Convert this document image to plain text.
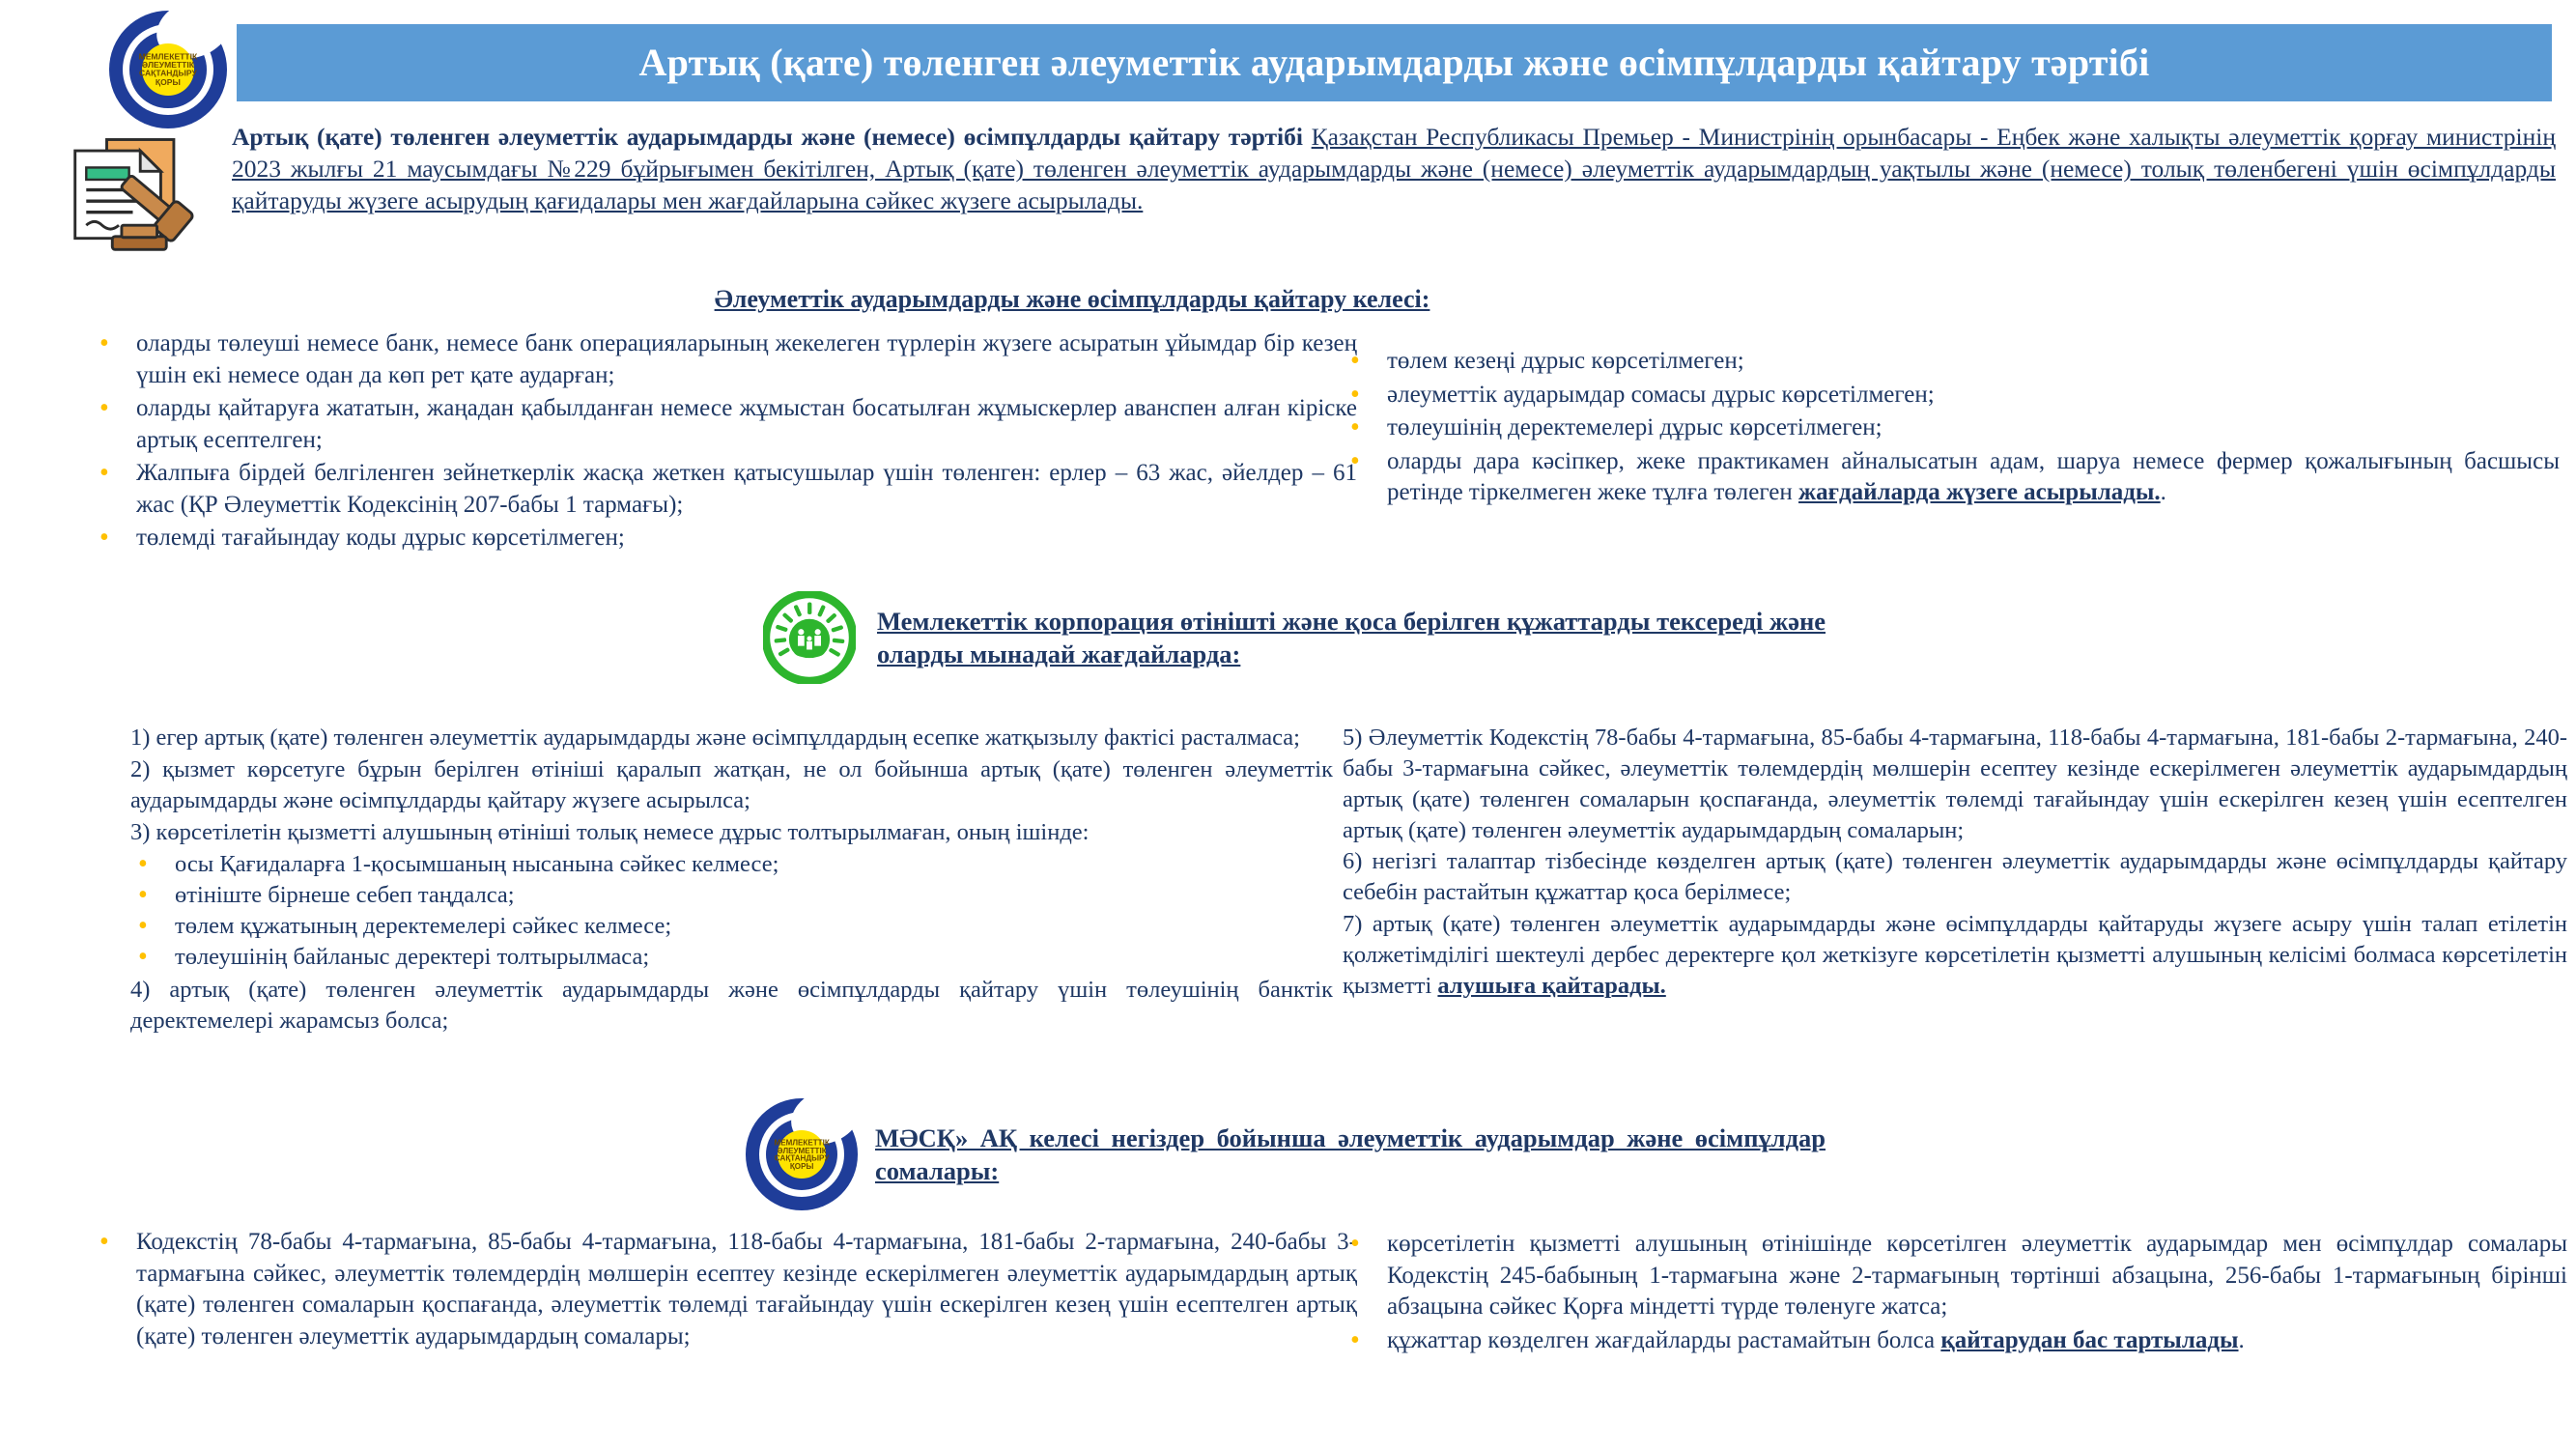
МЕМЛЕКЕТТІК ӘЛЕУМЕТТІК САҚТАНДЫРУ ҚОРЫ	Артық (қате) төленген әлеуметтік аударымдарды және өсімпұлдарды қайтару тәртібі
Артық (қате) төленген әлеуметтік аударымдарды және (немесе) өсімпұлдарды қайтару тәртібі Қазақстан Республикасы Премьер - Министрінің орынбасары - Еңбек және халықты әлеуметтік қорғау министрінің 2023 жылғы 21 маусымдағы №229 бұйрығымен бекітілген, Артық (қате) төленген әлеуметтік аударымдарды және (немесе) әлеуметтік аударымдардың уақтылы және (немесе) толық төленбегені үшін өсімпұлдарды қайтаруды жүзеге асырудың қағидалары мен жағдайларына сәйкес жүзеге асырылады.
Әлеуметтік аударымдарды және өсімпұлдарды қайтару келесі:
• оларды төлеуші немесе банк, немесе банк операцияларының жекелеген түрлерін жүзеге асыратын ұйымдар бір кезең үшін екі немесе одан да көп рет қате аударған;
• оларды қайтаруға жататын, жаңадан қабылданған немесе жұмыстан босатылған жұмыскерлер аванспен алған кіріске артық есептелген;
• Жалпыға бірдей белгіленген зейнеткерлік жасқа жеткен қатысушылар үшін төленген: ерлер – 63 жас, әйелдер – 61 жас (ҚР Әлеуметтік Кодексінің 207-бабы 1 тармағы);
• төлемді тағайындау коды дұрыс көрсетілмеген;
• төлем кезеңі дұрыс көрсетілмеген;
• әлеуметтік аударымдар сомасы дұрыс көрсетілмеген;
• төлеушінің деректемелері дұрыс көрсетілмеген;
• оларды дара кәсіпкер, жеке практикамен айналысатын адам, шаруа немесе фермер қожалығының басшысы ретінде тіркелмеген жеке тұлға төлеген жағдайларда жүзеге асырылады..
Мемлекеттік корпорация өтінішті және қоса берілген құжаттарды тексереді және оларды мынадай жағдайларда:

1) егер артық (қате) төленген әлеуметтік аударымдарды және өсімпұлдардың есепке жатқызылу фактісі расталмаса;

2) қызмет көрсетуге бұрын берілген өтініші қаралып жатқан, не ол бойынша артық (қате) төленген әлеуметтік аударымдарды және өсімпұлдарды қайтару жүзеге асырылса;

3) көрсетілетін қызметті алушының өтініші толық немесе дұрыс толтырылмаған, оның ішінде:

• осы Қағидаларға 1-қосымшаның нысанына сәйкес келмесе;
• өтініште бірнеше себеп таңдалса;
• төлем құжатының деректемелері сәйкес келмесе;
• төлеушінің байланыс деректері толтырылмаса;

4) артық (қате) төленген әлеуметтік аударымдарды және өсімпұлдарды қайтару үшін төлеушінің банктік деректемелері жарамсыз болса;

5) Әлеуметтік Кодекстің 78-бабы 4-тармағына, 85-бабы 4-тармағына, 118-бабы 4-тармағына, 181-бабы 2-тармағына, 240-бабы 3-тармағына сәйкес, әлеуметтік төлемдердің мөлшерін есептеу кезінде ескерілмеген әлеуметтік аударымдардың артық (қате) төленген сомаларын қоспағанда, әлеуметтік төлемді тағайындау үшін ескерілген кезең үшін есептелген артық (қате) төленген әлеуметтік аударымдардың сомаларын;

6) негізгі талаптар тізбесінде көзделген артық (қате) төленген әлеуметтік аударымдарды және өсімпұлдарды қайтару себебін растайтын құжаттар қоса берілмесе;

7) артық (қате) төленген әлеуметтік аударымдарды және өсімпұлдарды қайтаруды жүзеге асыру үшін талап етілетін қолжетімділігі шектеулі дербес деректерге қол жеткізуге көрсетілетін қызметті алушының келісімі болмаса көрсетілетін қызметті алушыға қайтарады.

МЕМЛЕКЕТТІК ӘЛЕУМЕТТІК САҚТАНДЫРУ ҚОРЫ
МӘСҚ» АҚ келесі негіздер бойынша әлеуметтік аударымдар және өсімпұлдар сомалары:
• Кодекстің 78-бабы 4-тармағына, 85-бабы 4-тармағына, 118-бабы 4-тармағына, 181-бабы 2-тармағына, 240-бабы 3-тармағына сәйкес, әлеуметтік төлемдердің мөлшерін есептеу кезінде ескерілмеген әлеуметтік аударымдардың артық (қате) төленген сомаларын қоспағанда, әлеуметтік төлемді тағайындау үшін ескерілген кезең үшін есептелген артық (қате) төленген әлеуметтік аударымдардың сомалары;
• көрсетілетін қызметті алушының өтінішінде көрсетілген әлеуметтік аударымдар мен өсімпұлдар сомалары Кодекстің 245-бабының 1-тармағына және 2-тармағының төртінші абзацына, 256-бабы 1-тармағының бірінші абзацына сәйкес Қорға міндетті түрде төленуге жатса;
• құжаттар көзделген жағдайларды растамайтын болса қайтарудан бас тартылады.
